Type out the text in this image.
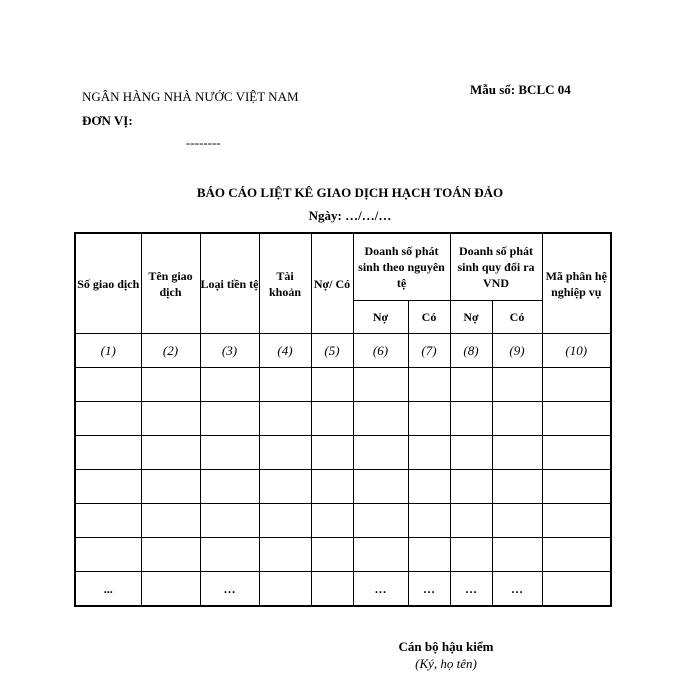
NGÂN HÀNG NHÀ NƯỚC VIỆT NAM
ĐƠN VỊ:
--------
Mẫu số: BCLC 04
BÁO CÁO LIỆT KÊ GIAO DỊCH HẠCH TOÁN ĐẢO
Ngày: …/…/…
Số giao dịch	Tên giao dịch	Loại tiền tệ	Tài khoản	Nợ/ Có	Doanh số phát sinh theo nguyên tệ		Doanh số phát sinh quy đổi ra VND		Mã phân hệ nghiệp vụ
					Nợ	Có	Nợ	Có	
(1)	(2)	(3)	(4)	(5)	(6)	(7)	(8)	(9)	(10)

...		…			…	…	…	…	
Cán bộ hậu kiểm
(Ký, họ tên)
